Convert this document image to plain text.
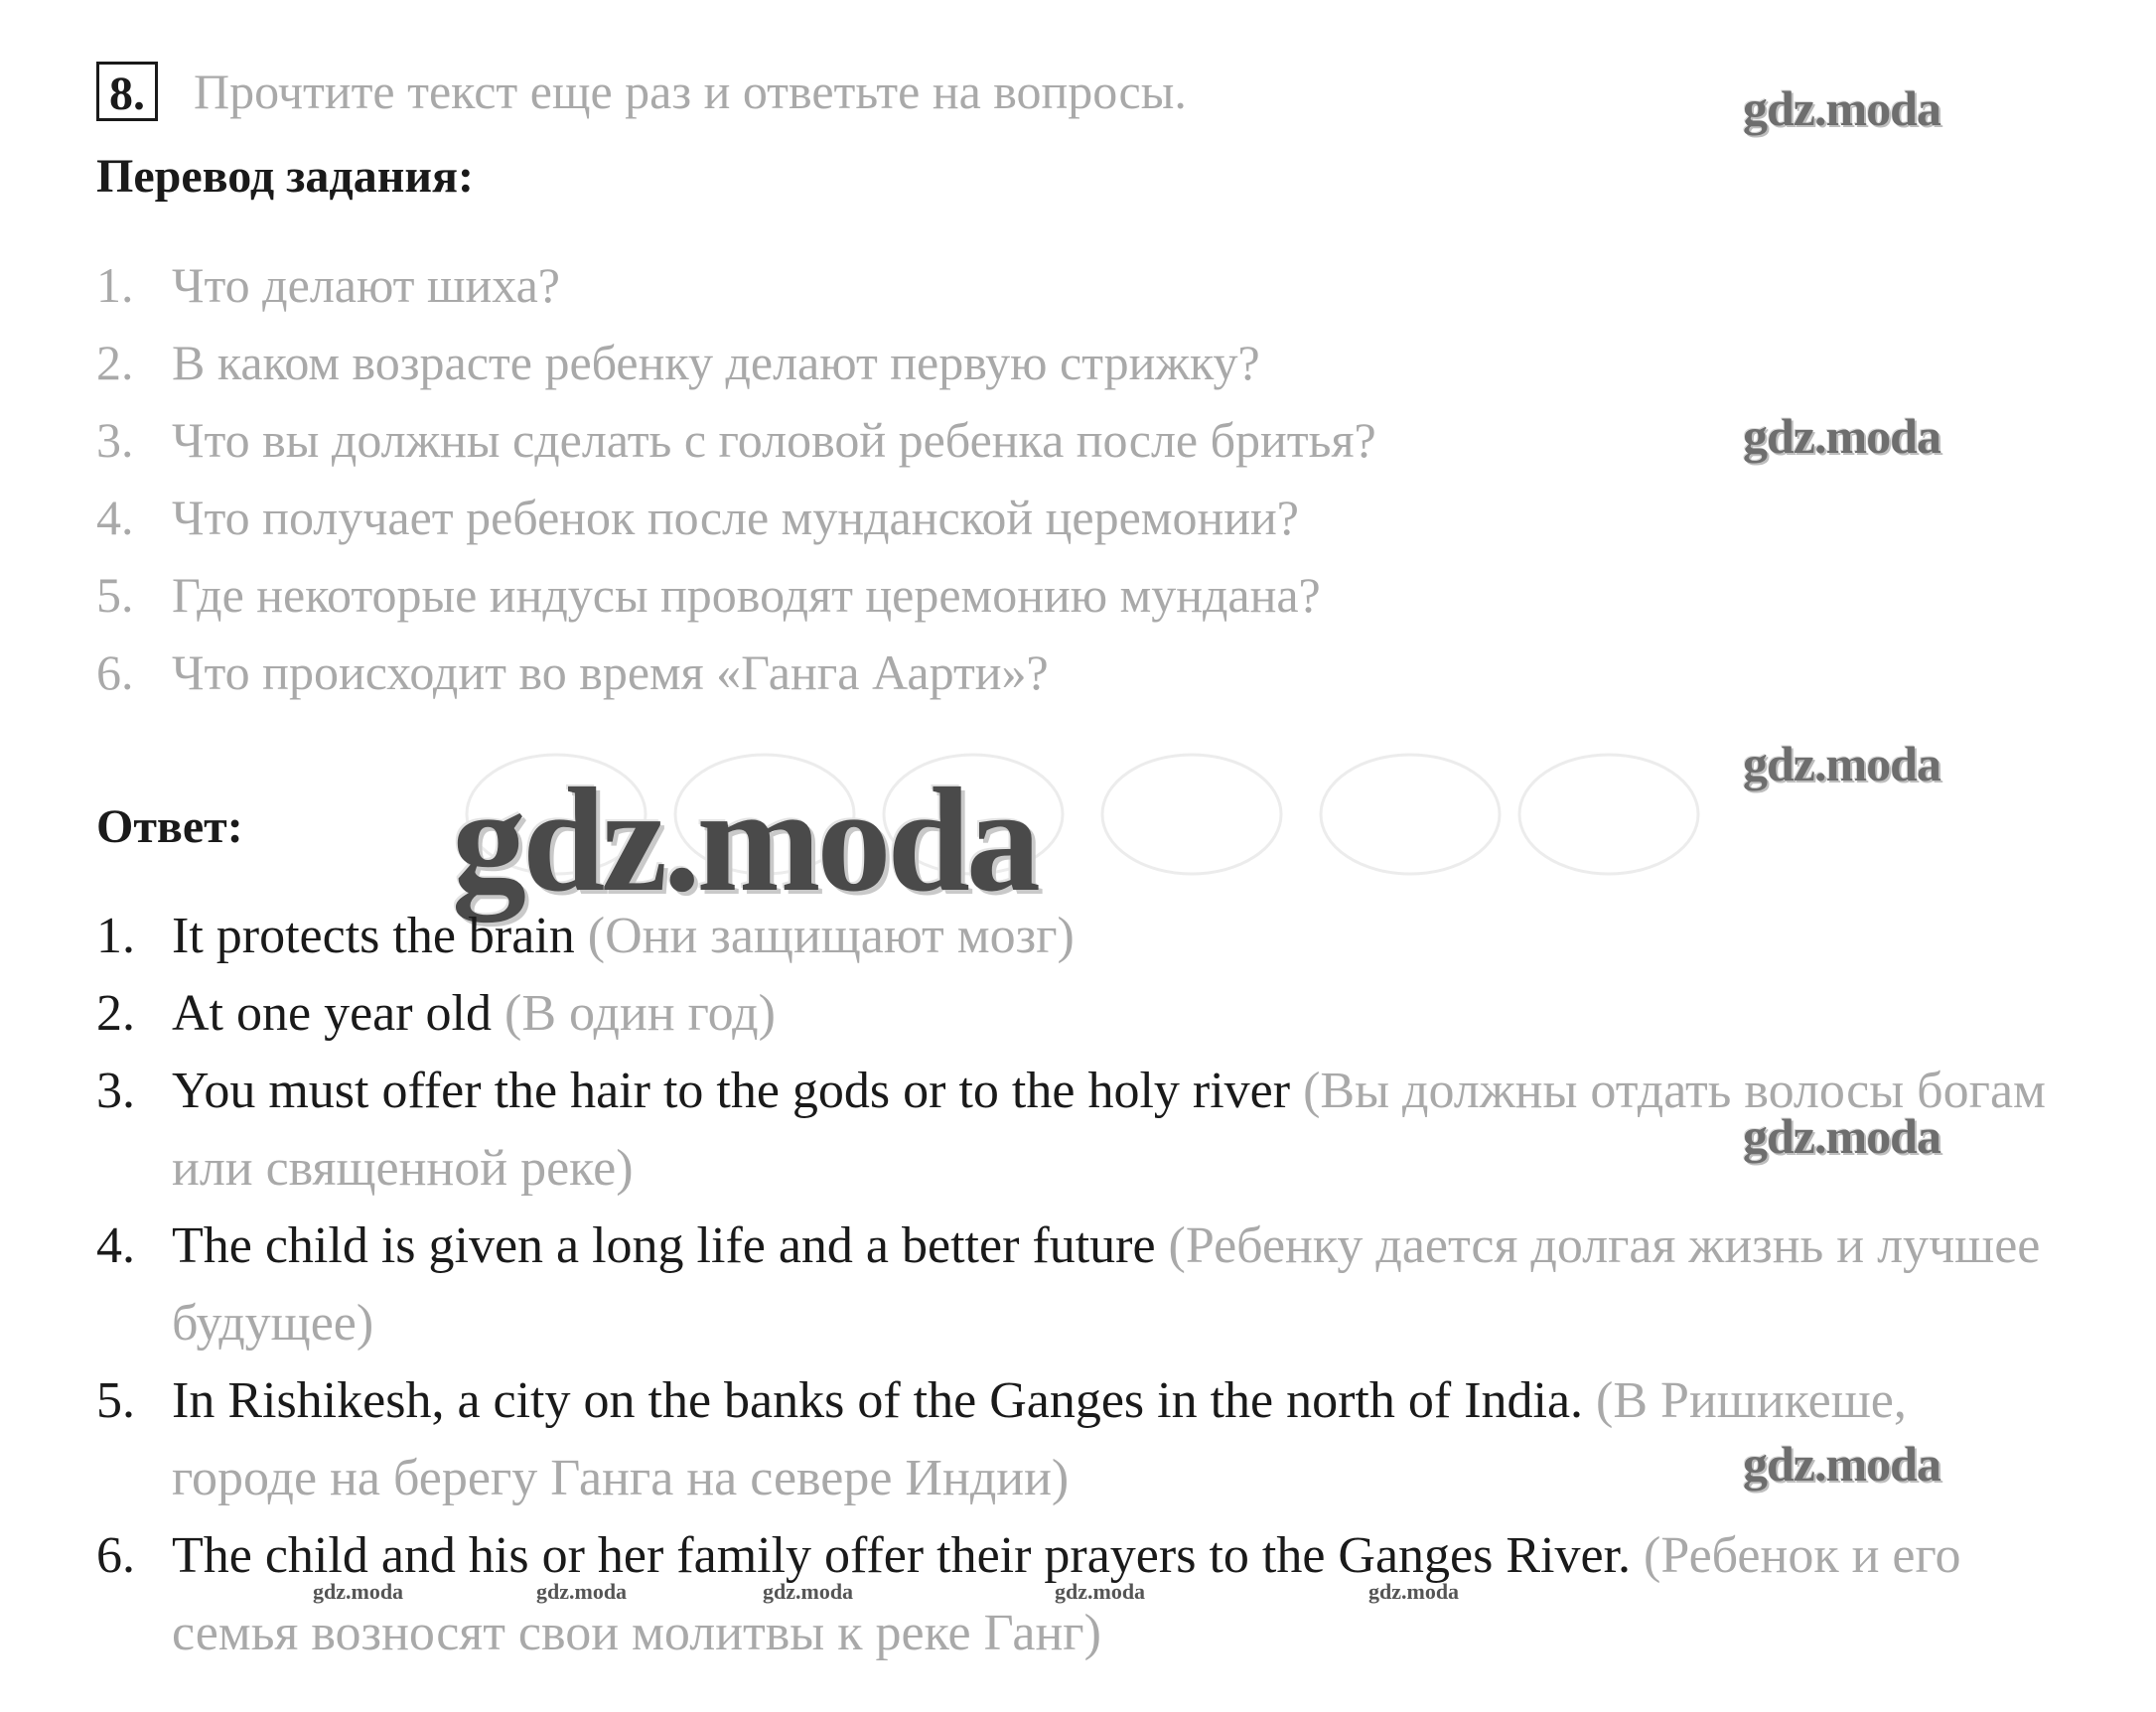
8. Прочтите текст еще раз и ответьте на вопросы.
Перевод задания:
1. Что делают шиха?
2. В каком возрасте ребенку делают первую стрижку?
3. Что вы должны сделать с головой ребенка после бритья?
4. Что получает ребенок после мунданской церемонии?
5. Где некоторые индусы проводят церемонию мундана?
6. Что происходит во время «Ганга Аарти»?
Ответ: gdz.moda
1. It protects the brain (Они защищают мозг)
2. At one year old (В один год)
3. You must offer the hair to the gods or to the holy river (Вы должны отдать волосы богам или священной реке)
4. The child is given a long life and a better future (Ребенку дается долгая жизнь и лучшее будущее)
5. In Rishikesh, a city on the banks of the Ganges in the north of India. (В Ришикеше, городе на берегу Ганга на севере Индии)
6. The child and his or her family offer their prayers to the Ganges River. (Ребенок и его семья возносят свои молитвы к реке Ганг)
gdz.moda
gdz.moda
gdz.moda
gdz.moda
gdz.moda
gdz.moda	gdz.moda	gdz.moda	gdz.moda	gdz.moda
